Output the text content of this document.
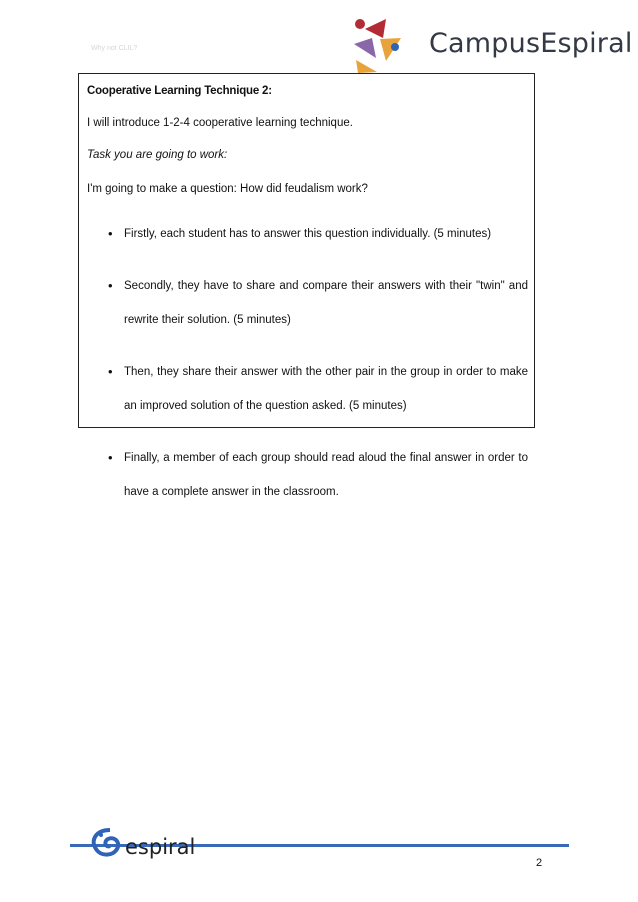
Why not CLIL?	CampusEspiral

Cooperative Learning Technique 2:

I will introduce 1-2-4 cooperative learning technique.

Task you are going to work:

I'm going to make a question: How did feudalism work?

• Firstly, each student has to answer this question individually. (5 minutes)
• Secondly, they have to share and compare their answers with their "twin" and rewrite their solution. (5 minutes)
• Then, they share their answer with the other pair in the group in order to make an improved solution of the question asked. (5 minutes)
• Finally, a member of each group should read aloud the final answer in order to have a complete answer in the classroom.
espiral
2
